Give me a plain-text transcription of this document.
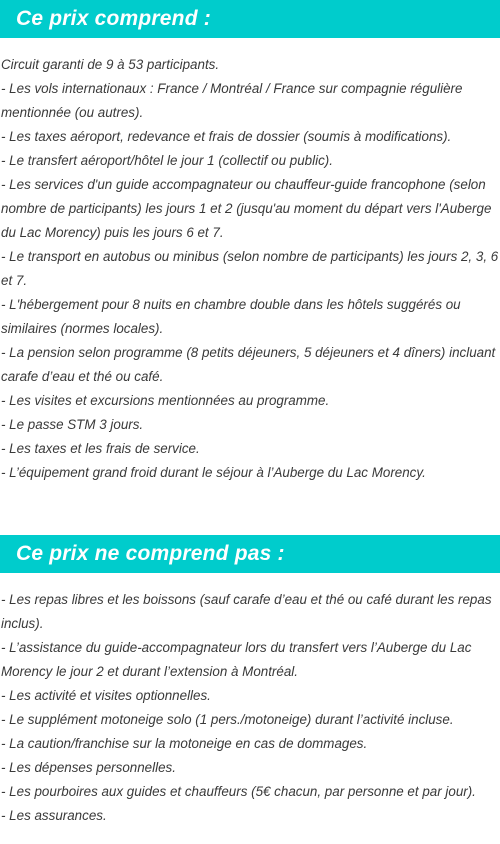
Ce prix comprend :
Circuit garanti de 9 à 53 participants.
- Les vols internationaux : France / Montréal / France sur compagnie régulière mentionnée (ou autres).
- Les taxes aéroport, redevance et frais de dossier (soumis à modifications).
- Le transfert aéroport/hôtel le jour 1 (collectif ou public).
- Les services d'un guide accompagnateur ou chauffeur-guide francophone (selon nombre de participants) les jours 1 et 2 (jusqu'au moment du départ vers l'Auberge du Lac Morency) puis les jours 6 et 7.
- Le transport en autobus ou minibus (selon nombre de participants) les jours 2, 3, 6 et 7.
- L'hébergement pour 8 nuits en chambre double dans les hôtels suggérés ou similaires (normes locales).
- La pension selon programme (8 petits déjeuners, 5 déjeuners et 4 dîners) incluant carafe d’eau et thé ou café.
- Les visites et excursions mentionnées au programme.
- Le passe STM 3 jours.
- Les taxes et les frais de service.
- L’équipement grand froid durant le séjour à l’Auberge du Lac Morency.
Ce prix ne comprend pas :
- Les repas libres et les boissons (sauf carafe d’eau et thé ou café durant les repas inclus).
- L’assistance du guide-accompagnateur lors du transfert vers l’Auberge du Lac Morency le jour 2 et durant l’extension à Montréal.
- Les activité et visites optionnelles.
- Le supplément motoneige solo (1 pers./motoneige) durant l’activité incluse.
- La caution/franchise sur la motoneige en cas de dommages.
- Les dépenses personnelles.
- Les pourboires aux guides et chauffeurs (5€ chacun, par personne et par jour).
- Les assurances.
